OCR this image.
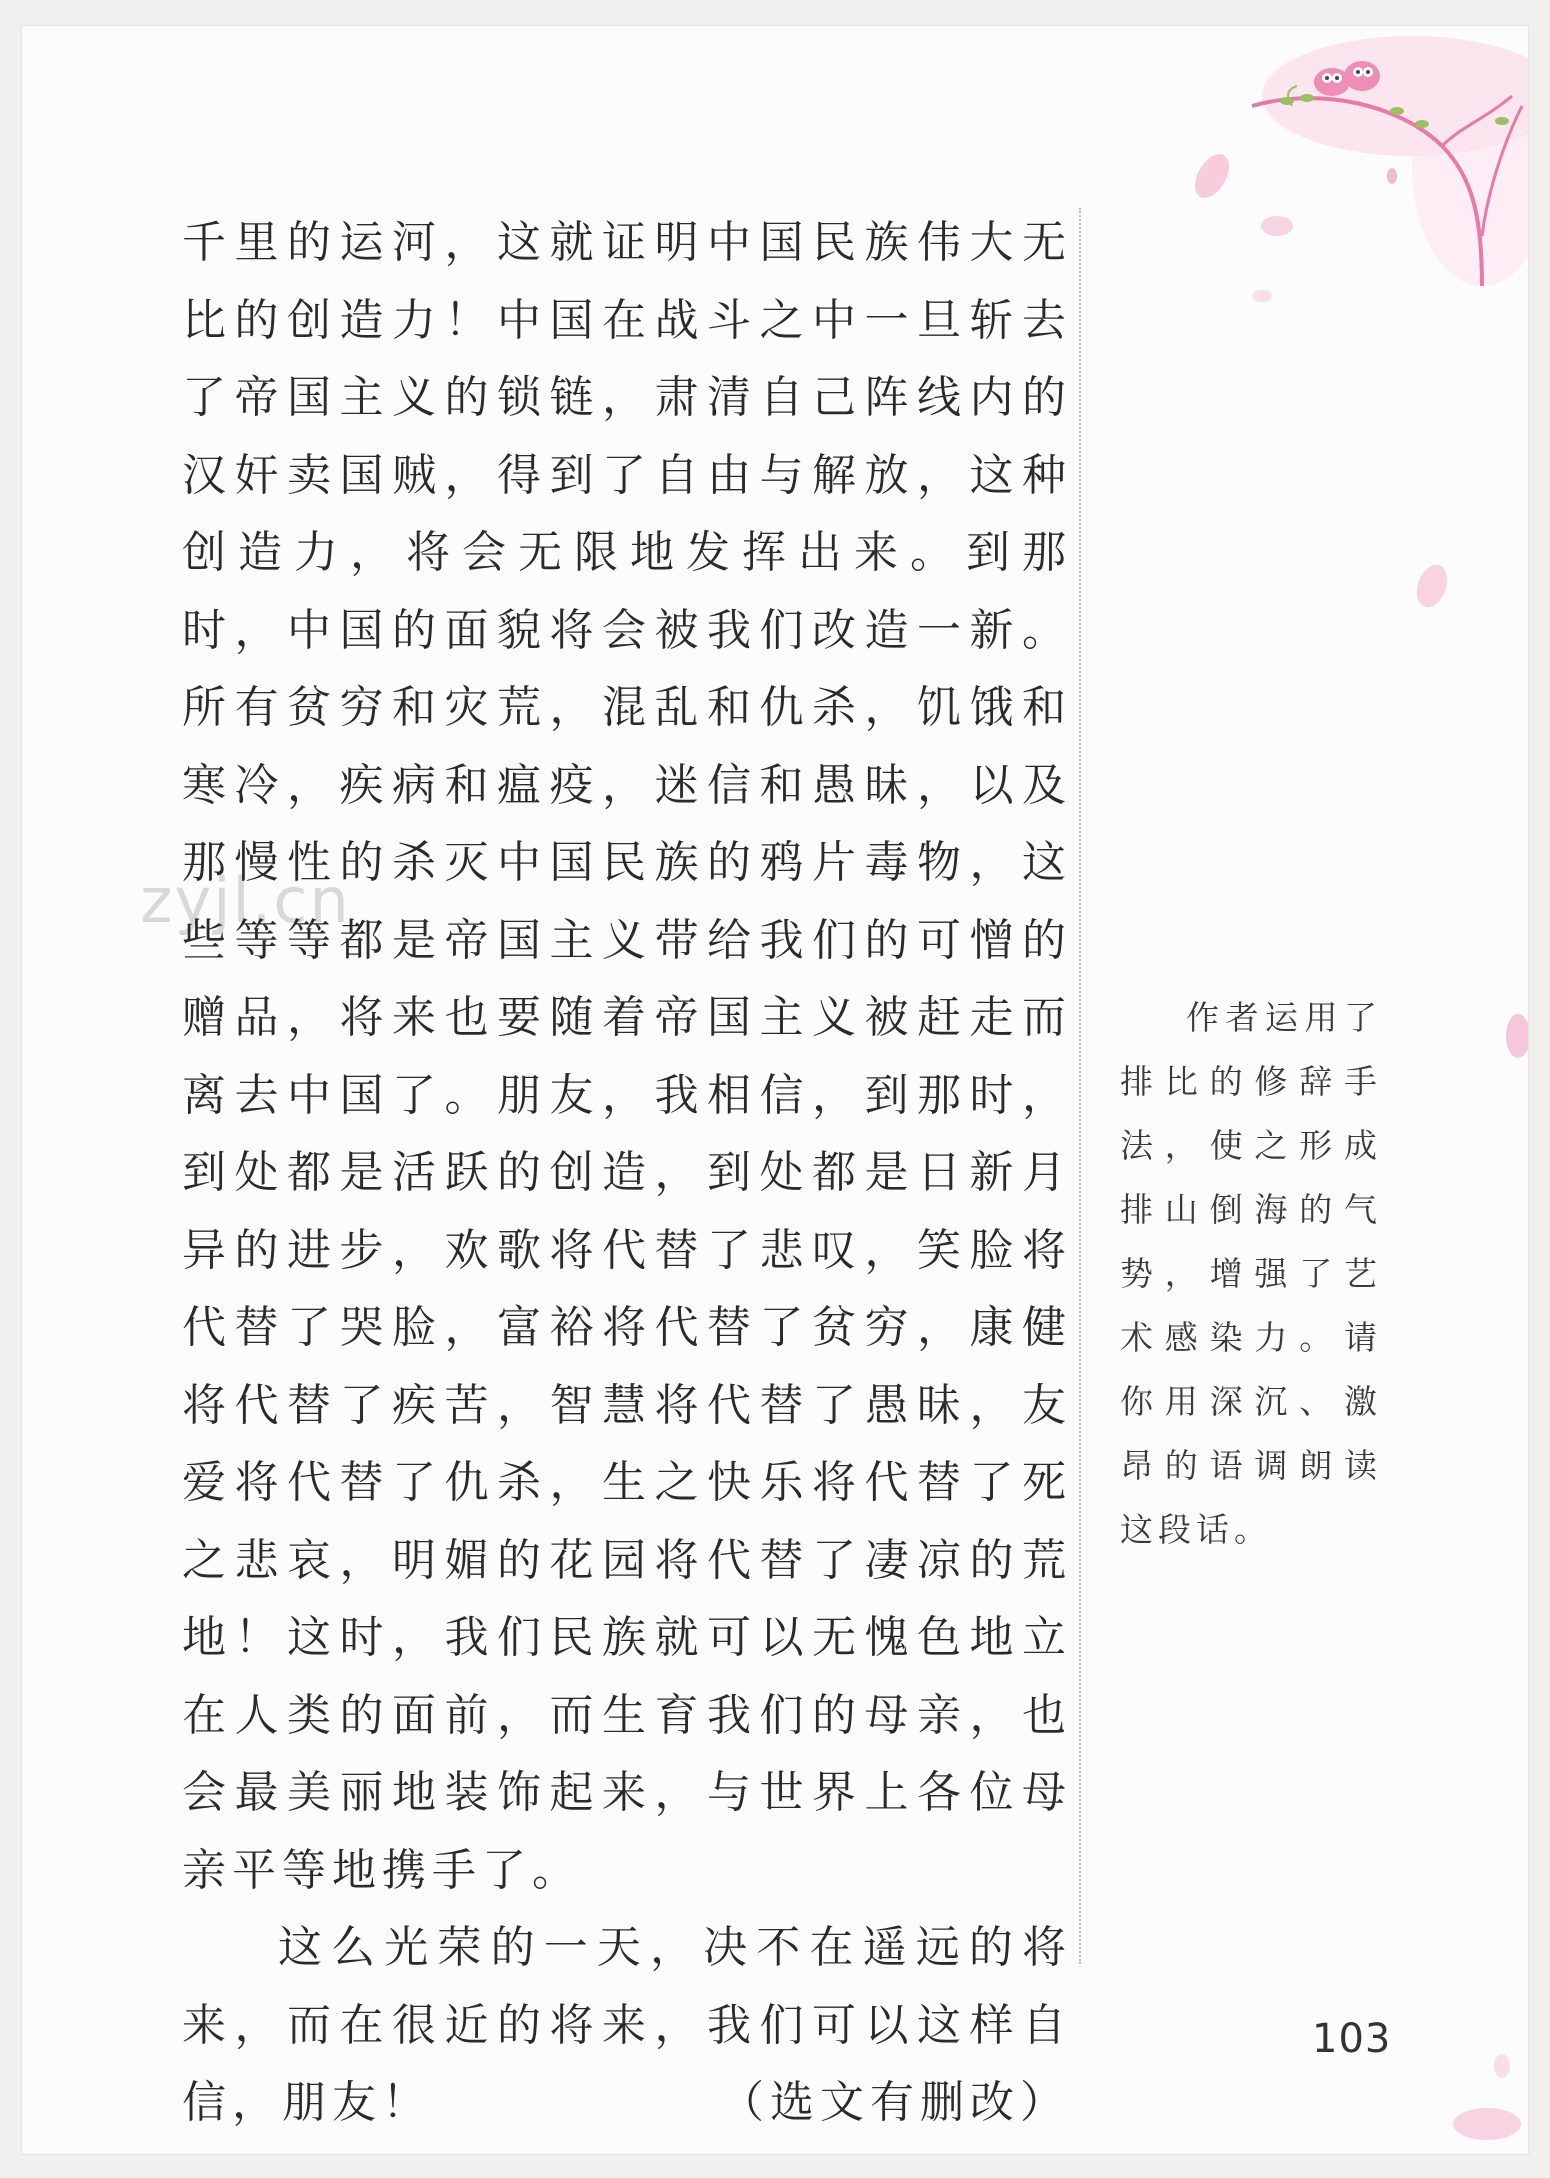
zyjl.cn

千里的运河，这就证明中国民族伟大无比的创造力！中国在战斗之中一旦斩去了帝国主义的锁链，肃清自己阵线内的汉奸卖国贼，得到了自由与解放，这种创造力，将会无限地发挥出来。到那时，中国的面貌将会被我们改造一新。所有贫穷和灾荒，混乱和仇杀，饥饿和寒冷，疾病和瘟疫，迷信和愚昧，以及那慢性的杀灭中国民族的鸦片毒物，这些等等都是帝国主义带给我们的可憎的赠品，将来也要随着帝国主义被赶走而离去中国了。朋友，我相信，到那时，到处都是活跃的创造，到处都是日新月异的进步，欢歌将代替了悲叹，笑脸将代替了哭脸，富裕将代替了贫穷，康健将代替了疾苦，智慧将代替了愚昧，友爱将代替了仇杀，生之快乐将代替了死之悲哀，明媚的花园将代替了凄凉的荒地！这时，我们民族就可以无愧色地立在人类的面前，而生育我们的母亲，也会最美丽地装饰起来，与世界上各位母亲平等地携手了。

这么光荣的一天，决不在遥远的将来，而在很近的将来，我们可以这样自信，朋友！	（选文有删改）

作者运用了排比的修辞手法，使之形成排山倒海的气势，增强了艺术感染力。请你用深沉、激昂的语调朗读这段话。

103
